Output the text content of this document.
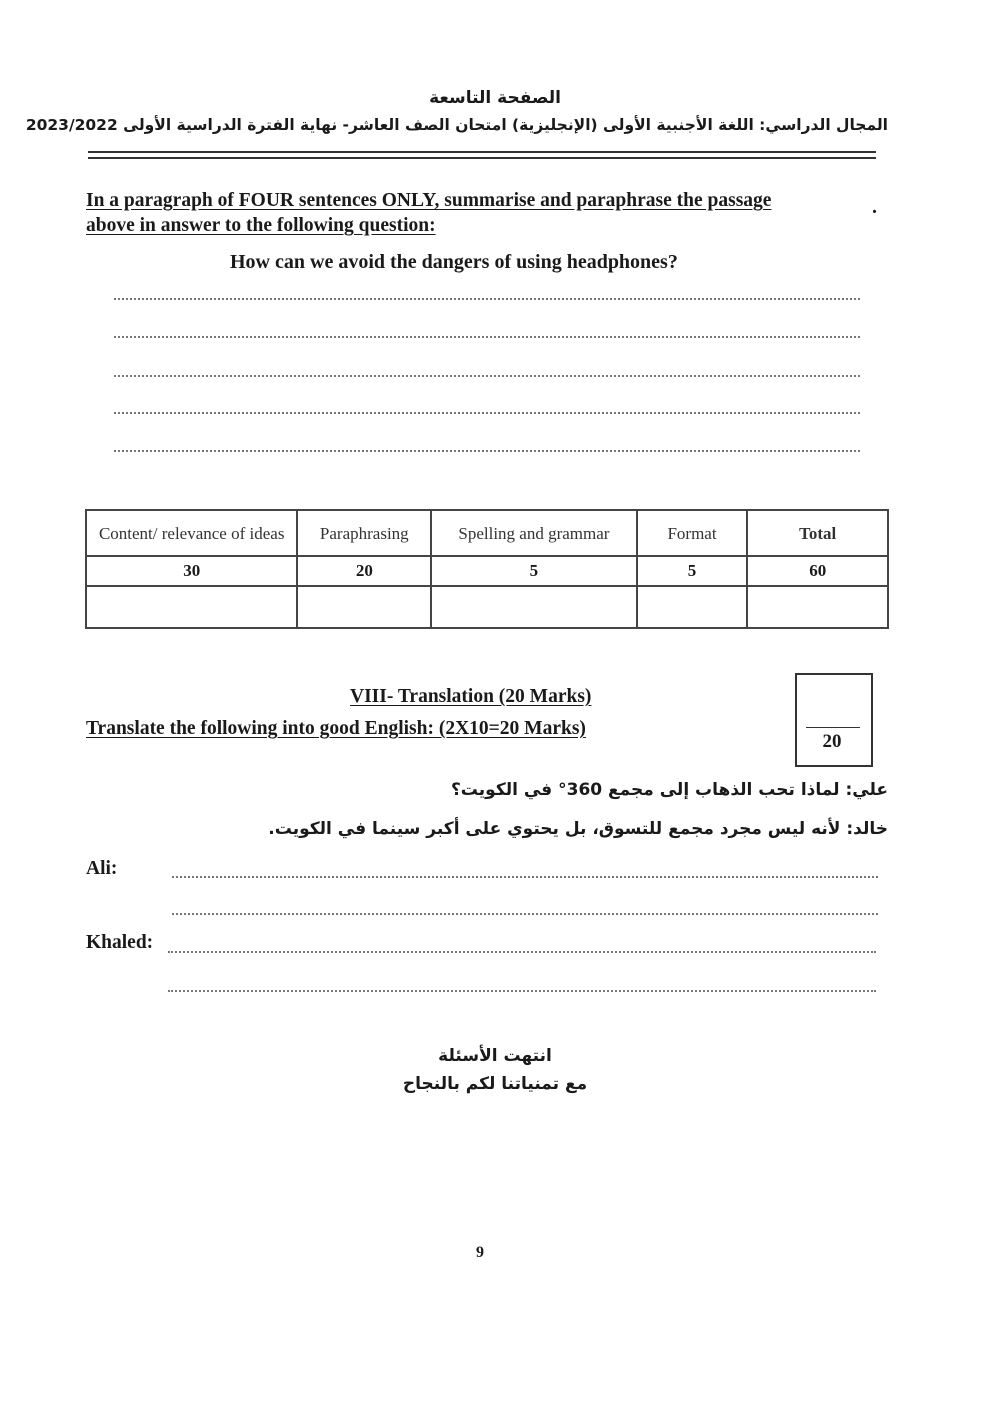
الصفحة التاسعة
المجال الدراسي: اللغة الأجنبية الأولى (الإنجليزية) امتحان الصف العاشر- نهاية الفترة الدراسية الأولى 2023/2022
In a paragraph of FOUR sentences ONLY, summarise and paraphrase the passage
above in answer to the following question:
.
How can we avoid the dangers of using headphones?
Content/ relevance of ideas	Paraphrasing	Spelling and grammar	Format	Total
30	20	5	5	60

VIII- Translation (20 Marks)
Translate the following into good English: (2X10=20 Marks)
20
علي: لماذا تحب الذهاب إلى مجمع 360° في الكويت؟
خالد: لأنه ليس مجرد مجمع للتسوق، بل يحتوي على أكبر سينما في الكويت.
Ali:
Khaled:
انتهت الأسئلة
مع تمنياتنا لكم بالنجاح
9
